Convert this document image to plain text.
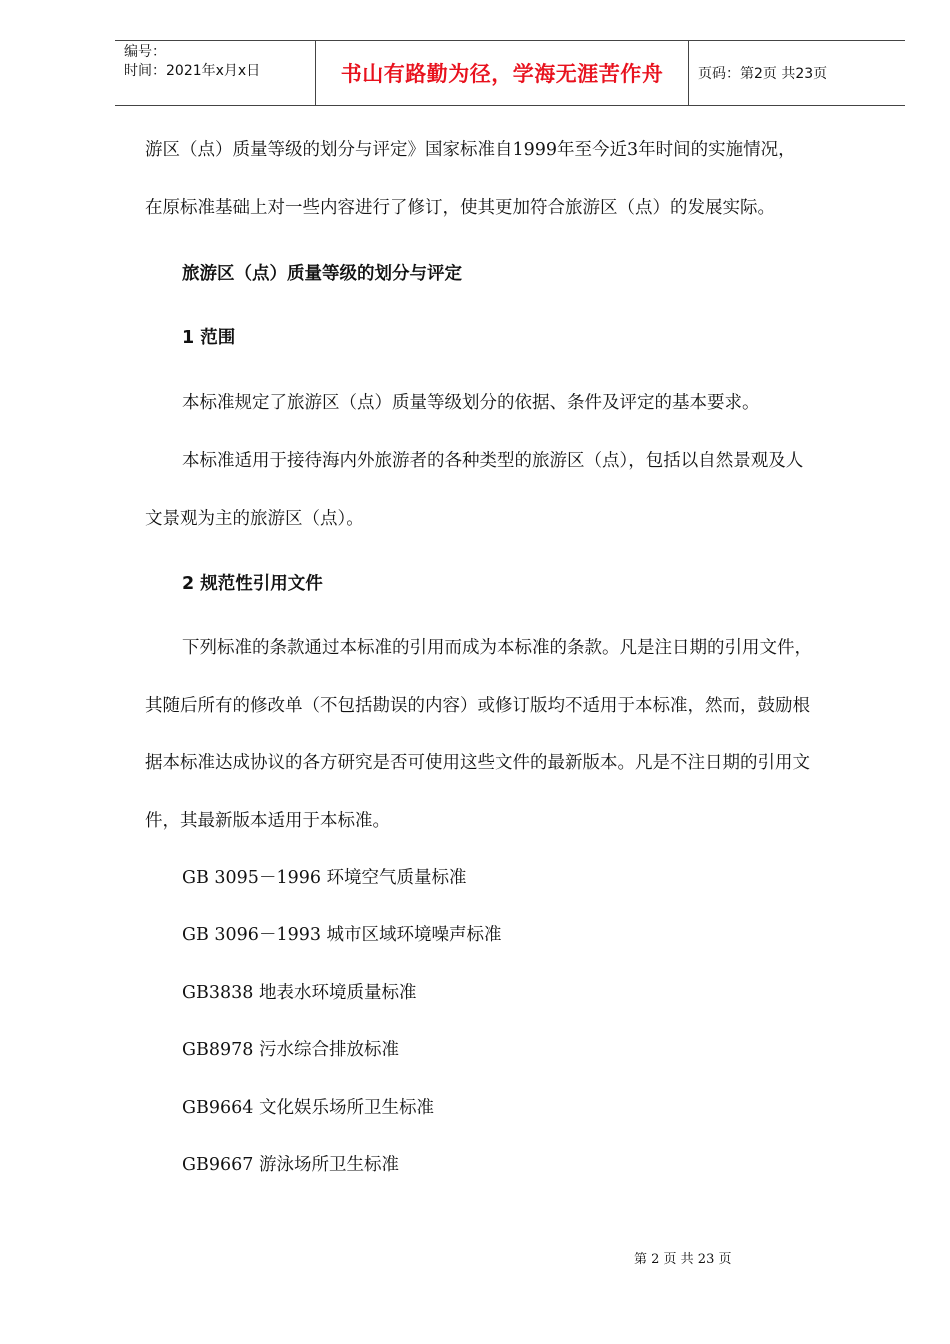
编号：
时间：2021年x月x日	书山有路勤为径，学海无涯苦作舟 页码：第2页 共23页
游区（点）质量等级的划分与评定》国家标准自1999年至今近3年时间的实施情况，
在原标准基础上对一些内容进行了修订，使其更加符合旅游区（点）的发展实际。
旅游区（点）质量等级的划分与评定
1 范围
本标准规定了旅游区（点）质量等级划分的依据、条件及评定的基本要求。
本标准适用于接待海内外旅游者的各种类型的旅游区（点），包括以自然景观及人
文景观为主的旅游区（点）。
2 规范性引用文件
下列标准的条款通过本标准的引用而成为本标准的条款。凡是注日期的引用文件，
其随后所有的修改单（不包括勘误的内容）或修订版均不适用于本标准，然而，鼓励根
据本标准达成协议的各方研究是否可使用这些文件的最新版本。凡是不注日期的引用文
件，其最新版本适用于本标准。
GB 3095－1996 环境空气质量标准
GB 3096－1993 城市区域环境噪声标准
GB3838 地表水环境质量标准
GB8978 污水综合排放标准
GB9664 文化娱乐场所卫生标准
GB9667 游泳场所卫生标准
第 2 页 共 23 页
